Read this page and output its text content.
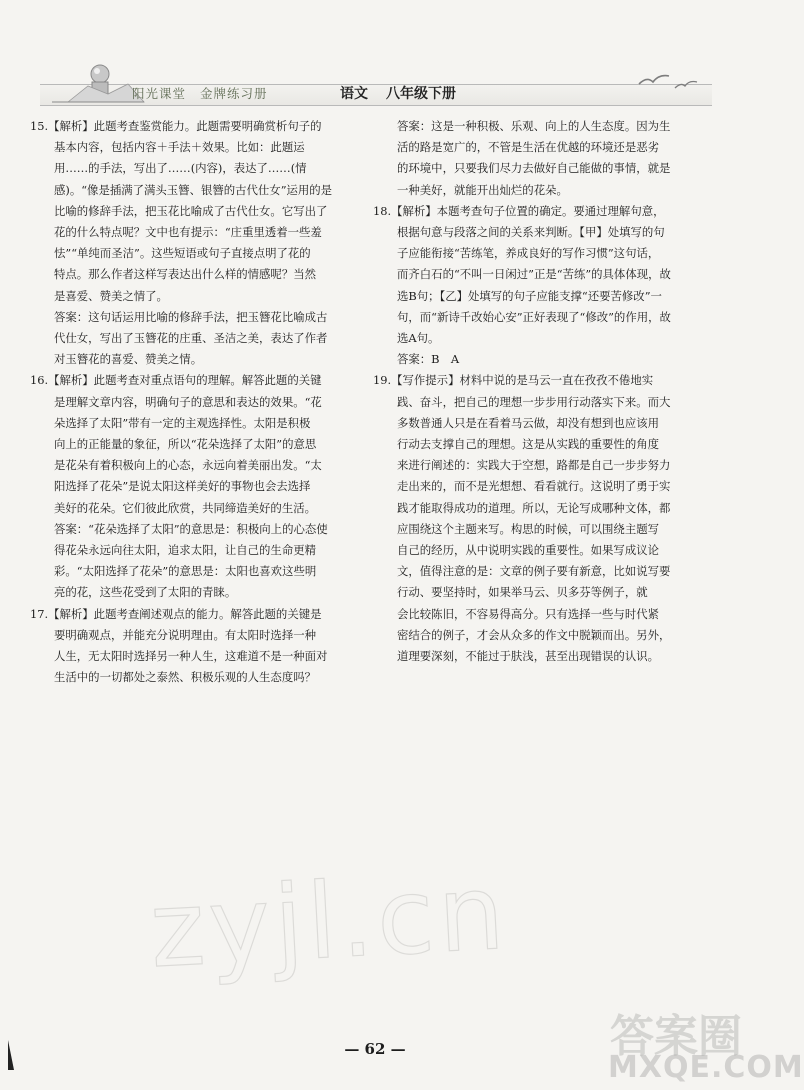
阳光课堂 金牌练习册	语文 八年级下册

15.【解析】此题考查鉴赏能力。此题需要明确赏析句子的

基本内容，包括内容＋手法＋效果。比如：此题运

用……的手法，写出了……(内容)，表达了……(情

感)。“像是插满了满头玉簪、银簪的古代仕女”运用的是

比喻的修辞手法，把玉花比喻成了古代仕女。它写出了

花的什么特点呢？文中也有提示：“庄重里透着一些羞

怯”“单纯而圣洁”。这些短语或句子直接点明了花的

特点。那么作者这样写表达出什么样的情感呢？当然

是喜爱、赞美之情了。

答案：这句话运用比喻的修辞手法，把玉簪花比喻成古

代仕女，写出了玉簪花的庄重、圣洁之美，表达了作者

对玉簪花的喜爱、赞美之情。

16.【解析】此题考查对重点语句的理解。解答此题的关键

是理解文章内容，明确句子的意思和表达的效果。“花

朵选择了太阳”带有一定的主观选择性。太阳是积极

向上的正能量的象征，所以“花朵选择了太阳”的意思

是花朵有着积极向上的心态，永远向着美丽出发。“太

阳选择了花朵”是说太阳这样美好的事物也会去选择

美好的花朵。它们彼此欣赏，共同缔造美好的生活。

答案：“花朵选择了太阳”的意思是：积极向上的心态使

得花朵永远向往太阳，追求太阳，让自己的生命更精

彩。“太阳选择了花朵”的意思是：太阳也喜欢这些明

亮的花，这些花受到了太阳的青睐。

17.【解析】此题考查阐述观点的能力。解答此题的关键是

要明确观点，并能充分说明理由。有太阳时选择一种

人生，无太阳时选择另一种人生，这难道不是一种面对

生活中的一切都处之泰然、积极乐观的人生态度吗？

答案：这是一种积极、乐观、向上的人生态度。因为生

活的路是宽广的，不管是生活在优越的环境还是恶劣

的环境中，只要我们尽力去做好自己能做的事情，就是

一种美好，就能开出灿烂的花朵。

18.【解析】本题考查句子位置的确定。要通过理解句意，

根据句意与段落之间的关系来判断。【甲】处填写的句

子应能衔接“苦练笔，养成良好的写作习惯”这句话，

而齐白石的“不叫一日闲过”正是“苦练”的具体体现，故

选B句；【乙】处填写的句子应能支撑“还要苦修改”一

句，而“新诗千改始心安”正好表现了“修改”的作用，故

选A句。

答案：B　A

19.【写作提示】材料中说的是马云一直在孜孜不倦地实

践、奋斗，把自己的理想一步步用行动落实下来。而大

多数普通人只是在看着马云做，却没有想到也应该用

行动去支撑自己的理想。这是从实践的重要性的角度

来进行阐述的：实践大于空想，路都是自己一步步努力

走出来的，而不是光想想、看看就行。这说明了勇于实

践才能取得成功的道理。所以，无论写成哪种文体，都

应围绕这个主题来写。构思的时候，可以围绕主题写

自己的经历，从中说明实践的重要性。如果写成议论

文，值得注意的是：文章的例子要有新意，比如说写要

行动、要坚持时，如果举马云、贝多芬等例子，就

会比较陈旧，不容易得高分。只有选择一些与时代紧

密结合的例子，才会从众多的作文中脱颖而出。另外，

道理要深刻，不能过于肤浅，甚至出现错误的认识。

zyjl.cn
答案圈
MXQE.COM
— 62 —
